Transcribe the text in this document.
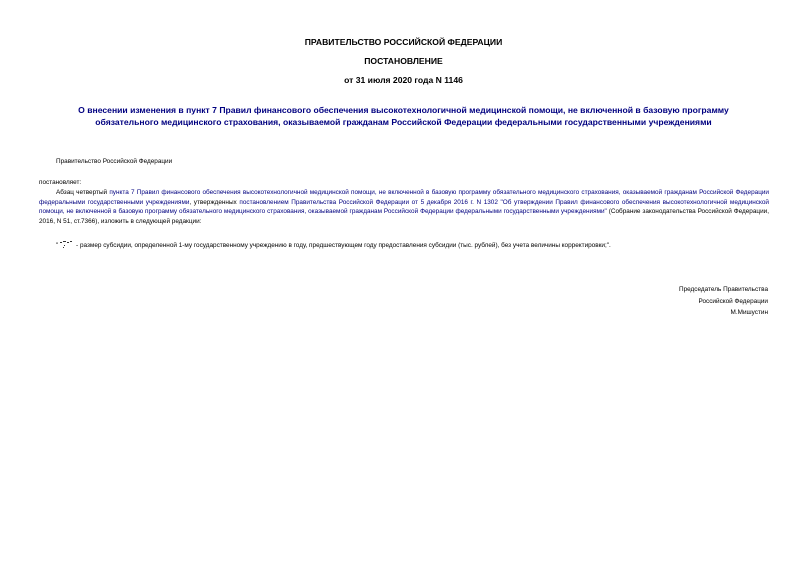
ПРАВИТЕЛЬСТВО РОССИЙСКОЙ ФЕДЕРАЦИИ
ПОСТАНОВЛЕНИЕ
от 31 июля 2020 года N 1146
О внесении изменения в пункт 7 Правил финансового обеспечения высокотехнологичной медицинской помощи, не включенной в базовую программу обязательного медицинского страхования, оказываемой гражданам Российской Федерации федеральными государственными учреждениями
Правительство Российской Федерации
постановляет:
Абзац четвертый пункта 7 Правил финансового обеспечения высокотехнологичной медицинской помощи, не включенной в базовую программу обязательного медицинского страхования, оказываемой гражданам Российской Федерации федеральными государственными учреждениями, утвержденных постановлением Правительства Российской Федерации от 5 декабря 2016 г. N 1302 "Об утверждении Правил финансового обеспечения высокотехнологичной медицинской помощи, не включенной в базовую программу обязательного медицинского страхования, оказываемой гражданам Российской Федерации федеральными государственными учреждениями" (Собрание законодательства Российской Федерации, 2016, N 51, ст.7366), изложить в следующей редакции:
"	- размер субсидии, определенной 1-му государственному учреждению в году, предшествующем году предоставления субсидии (тыс. рублей), без учета величины корректировки;".
Председатель Правительства
Российской Федерации
М.Мишустин
